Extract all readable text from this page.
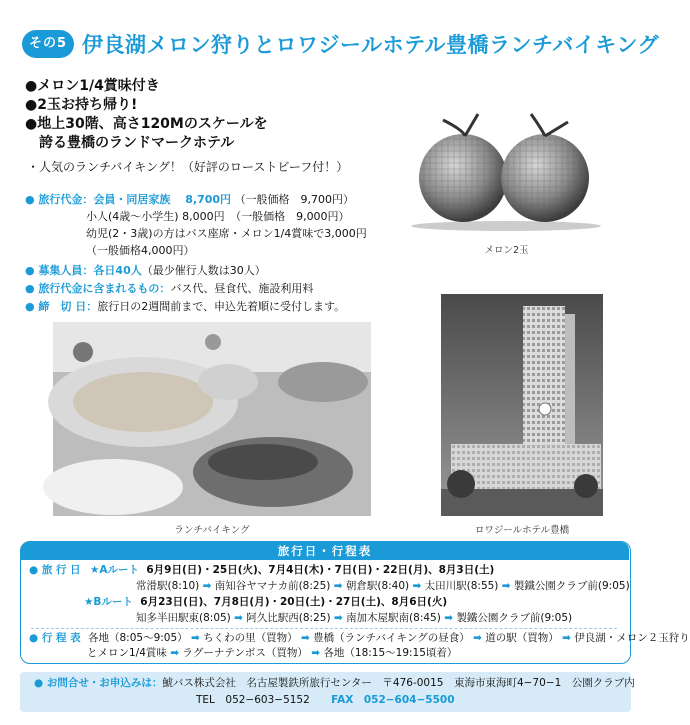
その5 伊良湖メロン狩りとロワジールホテル豊橋ランチバイキング
●メロン1/4賞味付き
●2玉お持ち帰り!
●地上30階、高さ120Mのスケールを
　誇る豊橋のランドマークホテル
・人気のランチバイキング！（好評のローストビーフ付！）
● 旅行代金：会員・同居家族　 8,700円 （一般価格　9,700円）
小人(4歳〜小学生) 8,000円　（一般価格　9,000円）
幼児(2・3歳)の方はバス座席・メロン1/4賞味で3,000円
（一般価格4,000円）
● 募集人員：各日40人（最少催行人数は30人）
● 旅行代金に含まれるもの：バス代、昼食代、施設利用料
● 締　切 日：旅行日の2週間前まで、申込先着順に受付します。
メロン2玉
ランチバイキング	ロワジールホテル豊橋
旅行日・行程表
● 旅 行 日 ★Aルート 6月9日(日)・25日(火)、7月4日(木)・7日(日)・22日(月)、8月3日(土)
常滑駅(8:10) ➡ 南知谷ヤマナカ前(8:25) ➡ 朝倉駅(8:40) ➡ 太田川駅(8:55) ➡ 製鐵公園クラブ前(9:05)
★Bルート 6月23日(日)、7月8日(月)・20日(土)・27日(土)、8月6日(火)
知多半田駅東(8:05) ➡ 阿久比駅西(8:25) ➡ 南加木屋駅南(8:45) ➡ 製鐵公園クラブ前(9:05)
● 行 程 表 各地（8:05〜9:05） ➡ ちくわの里（買物） ➡ 豊橋（ランチバイキングの昼食） ➡ 道の駅（買物） ➡ 伊良湖・メロン２玉狩り
とメロン1/4賞味 ➡ ラグーナテンボス（買物） ➡ 各地（18:15〜19:15頃着）
● お問合せ・お申込みは：鯱バス株式会社　名古屋製鉄所旅行センター　〒476-0015　東海市東海町4−70−1　公園クラブ内
TEL　052−603−5152 FAX　052−604−5500
